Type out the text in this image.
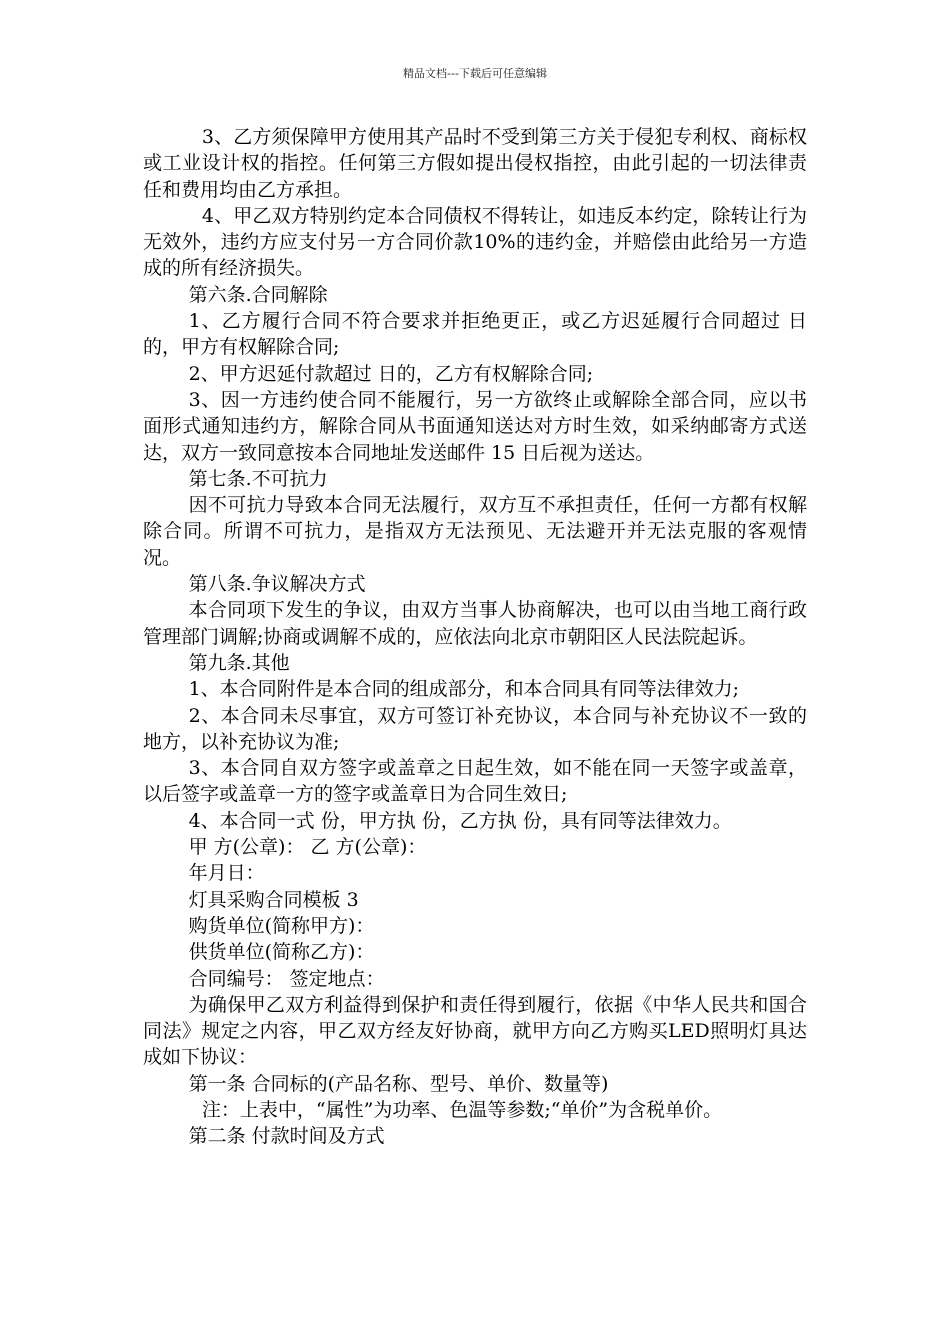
精品文档---下载后可任意编辑

3、乙方须保障甲方使用其产品时不受到第三方关于侵犯专利权、商标权或工业设计权的指控。任何第三方假如提出侵权指控，由此引起的一切法律责任和费用均由乙方承担。

4、甲乙双方特别约定本合同债权不得转让，如违反本约定，除转让行为无效外，违约方应支付另一方合同价款10%的违约金，并赔偿由此给另一方造成的所有经济损失。

第六条.合同解除

1、乙方履行合同不符合要求并拒绝更正，或乙方迟延履行合同超过 日的，甲方有权解除合同;

2、甲方迟延付款超过 日的，乙方有权解除合同;

3、因一方违约使合同不能履行，另一方欲终止或解除全部合同，应以书面形式通知违约方，解除合同从书面通知送达对方时生效，如采纳邮寄方式送达，双方一致同意按本合同地址发送邮件 15 日后视为送达。

第七条.不可抗力

因不可抗力导致本合同无法履行，双方互不承担责任，任何一方都有权解除合同。所谓不可抗力，是指双方无法预见、无法避开并无法克服的客观情况。

第八条.争议解决方式

本合同项下发生的争议，由双方当事人协商解决，也可以由当地工商行政管理部门调解;协商或调解不成的，应依法向北京市朝阳区人民法院起诉。

第九条.其他

1、本合同附件是本合同的组成部分，和本合同具有同等法律效力;

2、本合同未尽事宜，双方可签订补充协议，本合同与补充协议不一致的地方，以补充协议为准;

3、本合同自双方签字或盖章之日起生效，如不能在同一天签字或盖章，以后签字或盖章一方的签字或盖章日为合同生效日;

4、本合同一式 份，甲方执 份，乙方执 份，具有同等法律效力。

甲 方(公章)： 乙 方(公章)：

年月日：

灯具采购合同模板 3

购货单位(简称甲方)：

供货单位(简称乙方)：

合同编号： 签定地点：

为确保甲乙双方利益得到保护和责任得到履行，依据《中华人民共和国合同法》规定之内容，甲乙双方经友好协商，就甲方向乙方购买LED照明灯具达成如下协议：

第一条 合同标的(产品名称、型号、单价、数量等)

注：上表中，“属性”为功率、色温等参数;“单价”为含税单价。

第二条 付款时间及方式
